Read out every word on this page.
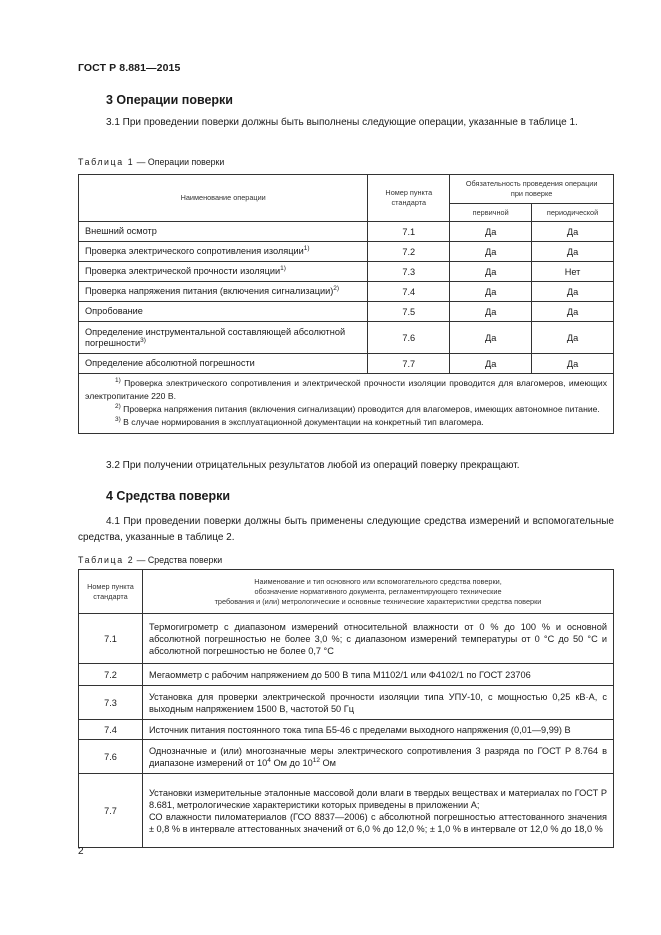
ГОСТ Р 8.881—2015
3 Операции поверки
3.1 При проведении поверки должны быть выполнены следующие операции, указанные в таблице 1.
Таблица 1 — Операции поверки
Наименование операции	Номер пункта стандарта	Обязательность проведения операции при поверке	
		первичной	периодической
Внешний осмотр	7.1	Да	Да
Проверка электрического сопротивления изоляции$^{1)}$	7.2	Да	Да
Проверка электрической прочности изоляции$^{1)}$	7.3	Да	Нет
Проверка напряжения питания (включения сигнализации)$^{2)}$	7.4	Да	Да
Опробование	7.5	Да	Да
Определение инструментальной составляющей абсолютной погрешности$^{3)}$	7.6	Да	Да
Определение абсолютной погрешности	7.7	Да	Да

$^{1)}$ Проверка электрического сопротивления и электрической прочности изоляции проводится для влагомеров, имеющих электропитание 220 В.
$^{2)}$ Проверка напряжения питания (включения сигнализации) проводится для влагомеров, имеющих автономное питание.
$^{3)}$ В случае нормирования в эксплуатационной документации на конкретный тип влагомера.			
3.2 При получении отрицательных результатов любой из операций поверку прекращают.
4 Средства поверки
4.1 При проведении поверки должны быть применены следующие средства измерений и вспомогательные средства, указанные в таблице 2.
Таблица 2 — Средства поверки
Номер пункта стандарта	Наименование и тип основного или вспомогательного средства поверки,
обозначение нормативного документа, регламентирующего технические
требования и (или) метрологические и основные технические характеристики средства поверки

7.1	Термогигрометр с диапазоном измерений относительной влажности от 0 % до 100 % и основной абсолютной погрешностью не более 3,0 %; с диапазоном измерений температуры от 0 °С до 50 °С и абсолютной погрешностью не более 0,7 °С
7.2	Мегаомметр с рабочим напряжением до 500 В типа М1102/1 или Ф4102/1 по ГОСТ 23706
7.3	Установка для проверки электрической прочности изоляции типа УПУ-10, с мощностью 0,25 кВ·А, с выходным напряжением 1500 В, частотой 50 Гц
7.4	Источник питания постоянного тока типа Б5-46 с пределами выходного напряжения (0,01—9,99) В
7.6	Однозначные и (или) многозначные меры электрического сопротивления 3 разряда по ГОСТ Р 8.764 в диапазоне измерений от $10^4$ Ом до $10^{12}$ Ом
7.7	Установки измерительные эталонные массовой доли влаги в твердых веществах и материалах по ГОСТ Р 8.681, метрологические характеристики которых приведены в приложении А;
СО влажности пиломатериалов (ГСО 8837—2006) с абсолютной погрешностью аттестованного значения ± 0,8 % в интервале аттестованных значений от 6,0 % до 12,0 %; ± 1,0 % в интервале от 12,0 % до 18,0 %
2
